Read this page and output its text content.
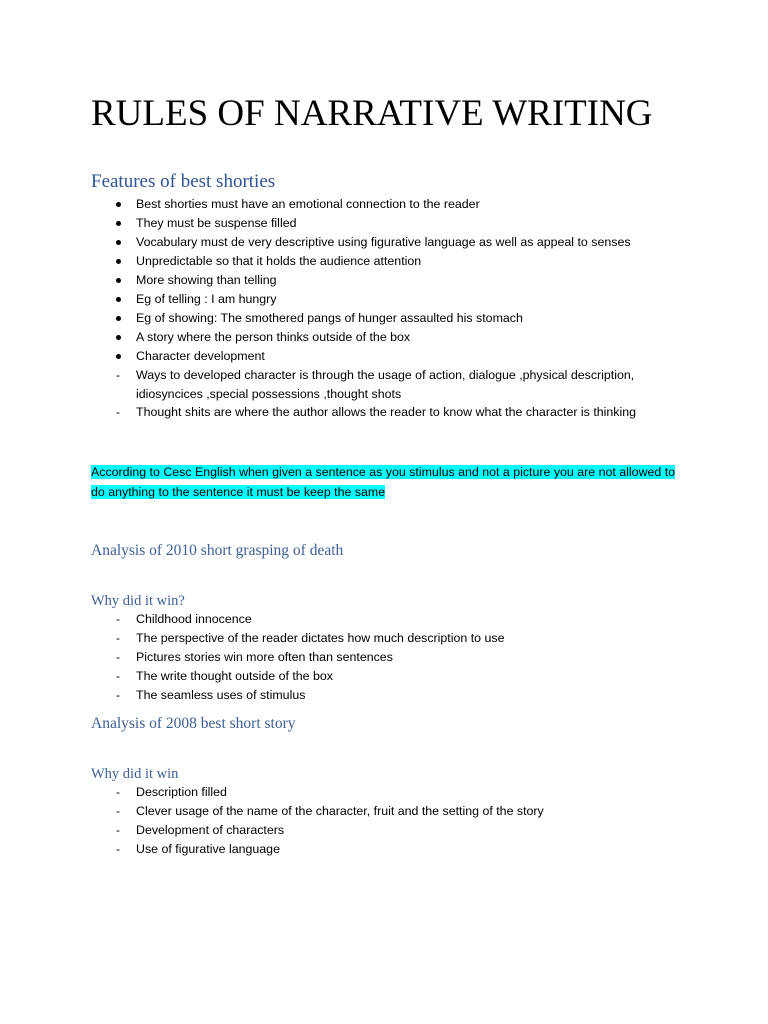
RULES OF NARRATIVE WRITING
Features of best shorties
Best shorties must have an emotional connection to the reader
They must be suspense filled
Vocabulary must de very descriptive using figurative language as well as appeal to senses
Unpredictable so that it holds the audience attention
More showing than telling
Eg of telling : I am hungry
Eg of showing: The smothered pangs of hunger assaulted his stomach
A story where the person thinks outside of the box
Character development
-	Ways to developed character is through the usage of action, dialogue ,physical description, idiosyncices ,special possessions ,thought shots
-	Thought shits are where the author allows the reader to know what the character is thinking

According to Cesc English when given a sentence as you stimulus and not a picture you are not allowed to do anything to the sentence it must be keep the same

Analysis of 2010 short grasping of death
Why did it win?
-	Childhood innocence
-	The perspective of the reader dictates how much description to use
-	Pictures stories win more often than sentences
-	The write thought outside of the box
-	The seamless uses of stimulus
Analysis of 2008 best short story
Why did it win
-	Description filled
-	Clever usage of the name of the character, fruit and the setting of the story
-	Development of characters
-	Use of figurative language
